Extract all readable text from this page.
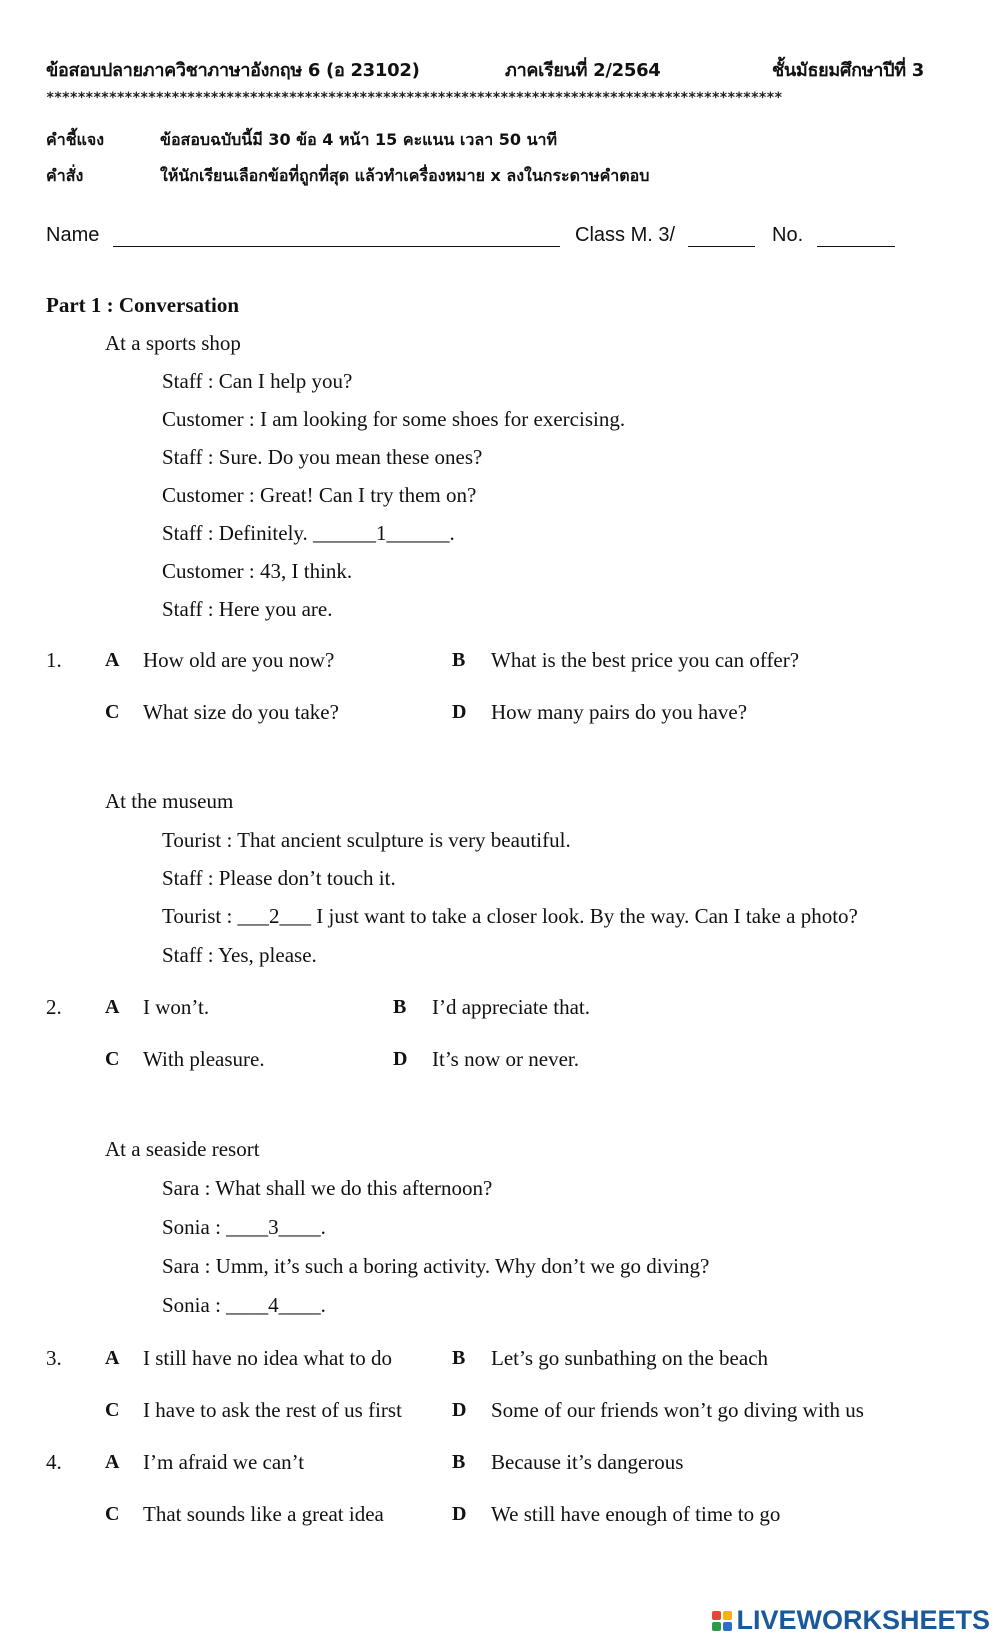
ข้อสอบปลายภาควิชาภาษาอังกฤษ 6 (อ 23102)	ภาคเรียนที่ 2/2564	ชั้นมัธยมศึกษาปีที่ 3
**********************************************************************************************
คำชี้แจง	ข้อสอบฉบับนี้มี 30 ข้อ 4 หน้า 15 คะแนน เวลา 50 นาที
คำสั่ง	ให้นักเรียนเลือกข้อที่ถูกที่สุด แล้วทำเครื่องหมาย x ลงในกระดาษคำตอบ
Name	Class M. 3/	No.
Part 1 : Conversation
At a sports shop
Staff : Can I help you?
Customer : I am looking for some shoes for exercising.
Staff : Sure. Do you mean these ones?
Customer : Great! Can I try them on?
Staff : Definitely. ______1______.
Customer : 43, I think.
Staff : Here you are.
1. A How old are you now?	B What is the best price you can offer?
C What size do you take?	D How many pairs do you have?
At the museum
Tourist : That ancient sculpture is very beautiful.
Staff : Please don’t touch it.
Tourist : ___2___ I just want to take a closer look. By the way. Can I take a photo?
Staff : Yes, please.
2. A I won’t.	B I’d appreciate that.
C With pleasure.	D It’s now or never.
At a seaside resort
Sara : What shall we do this afternoon?
Sonia : ____3____.
Sara : Umm, it’s such a boring activity. Why don’t we go diving?
Sonia : ____4____.
3. A I still have no idea what to do	B Let’s go sunbathing on the beach
C I have to ask the rest of us first	D Some of our friends won’t go diving with us
4. A I’m afraid we can’t	B Because it’s dangerous
C That sounds like a great idea	D We still have enough of time to go
LIVEWORKSHEETS
